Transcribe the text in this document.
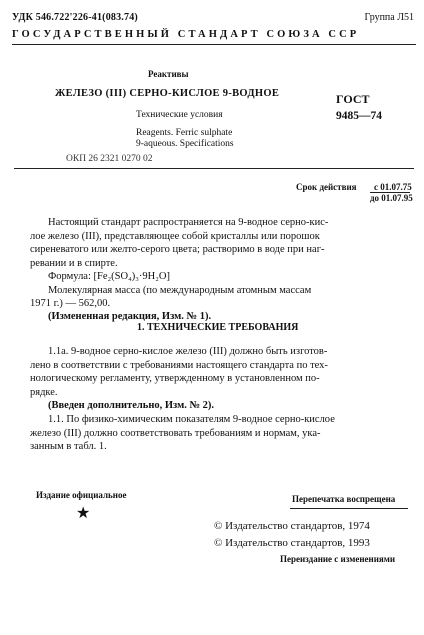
УДК 546.722'226-41(083.74)	Группа Л51
ГОСУДАРСТВЕННЫЙ СТАНДАРТ СОЮЗА ССР
Реактивы
ЖЕЛЕЗО (III) СЕРНО-КИСЛОЕ 9-ВОДНОЕ
Технические условия
Reagents. Ferric sulphate
9-aqueous. Specifications
ГОСТ
9485—74
ОКП 26 2321 0270 02
Срок действия с 01.07.75
до 01.07.95
Настоящий стандарт распространяется на 9-водное серно-кис-
лое железо (III), представляющее собой кристаллы или порошок
сиреневатого или желто-серого цвета; растворимо в воде при наг-
ревании и в спирте.
Формула: [Fe₂(SO₄)₃·9H₂O]
Молекулярная масса (по международным атомным массам
1971 г.) — 562,00.
(Измененная редакция, Изм. № 1).
1. ТЕХНИЧЕСКИЕ ТРЕБОВАНИЯ
1.1а. 9-водное серно-кислое железо (III) должно быть изготов-
лено в соответствии с требованиями настоящего стандарта по тех-
нологическому регламенту, утвержденному в установленном по-
рядке.
(Введен дополнительно, Изм. № 2).
1.1. По физико-химическим показателям 9-водное серно-кислое
железо (III) должно соответствовать требованиям и нормам, ука-
занным в табл. 1.
Издание официальное	Перепечатка воспрещена
★
© Издательство стандартов, 1974
© Издательство стандартов, 1993
Переиздание с изменениями
